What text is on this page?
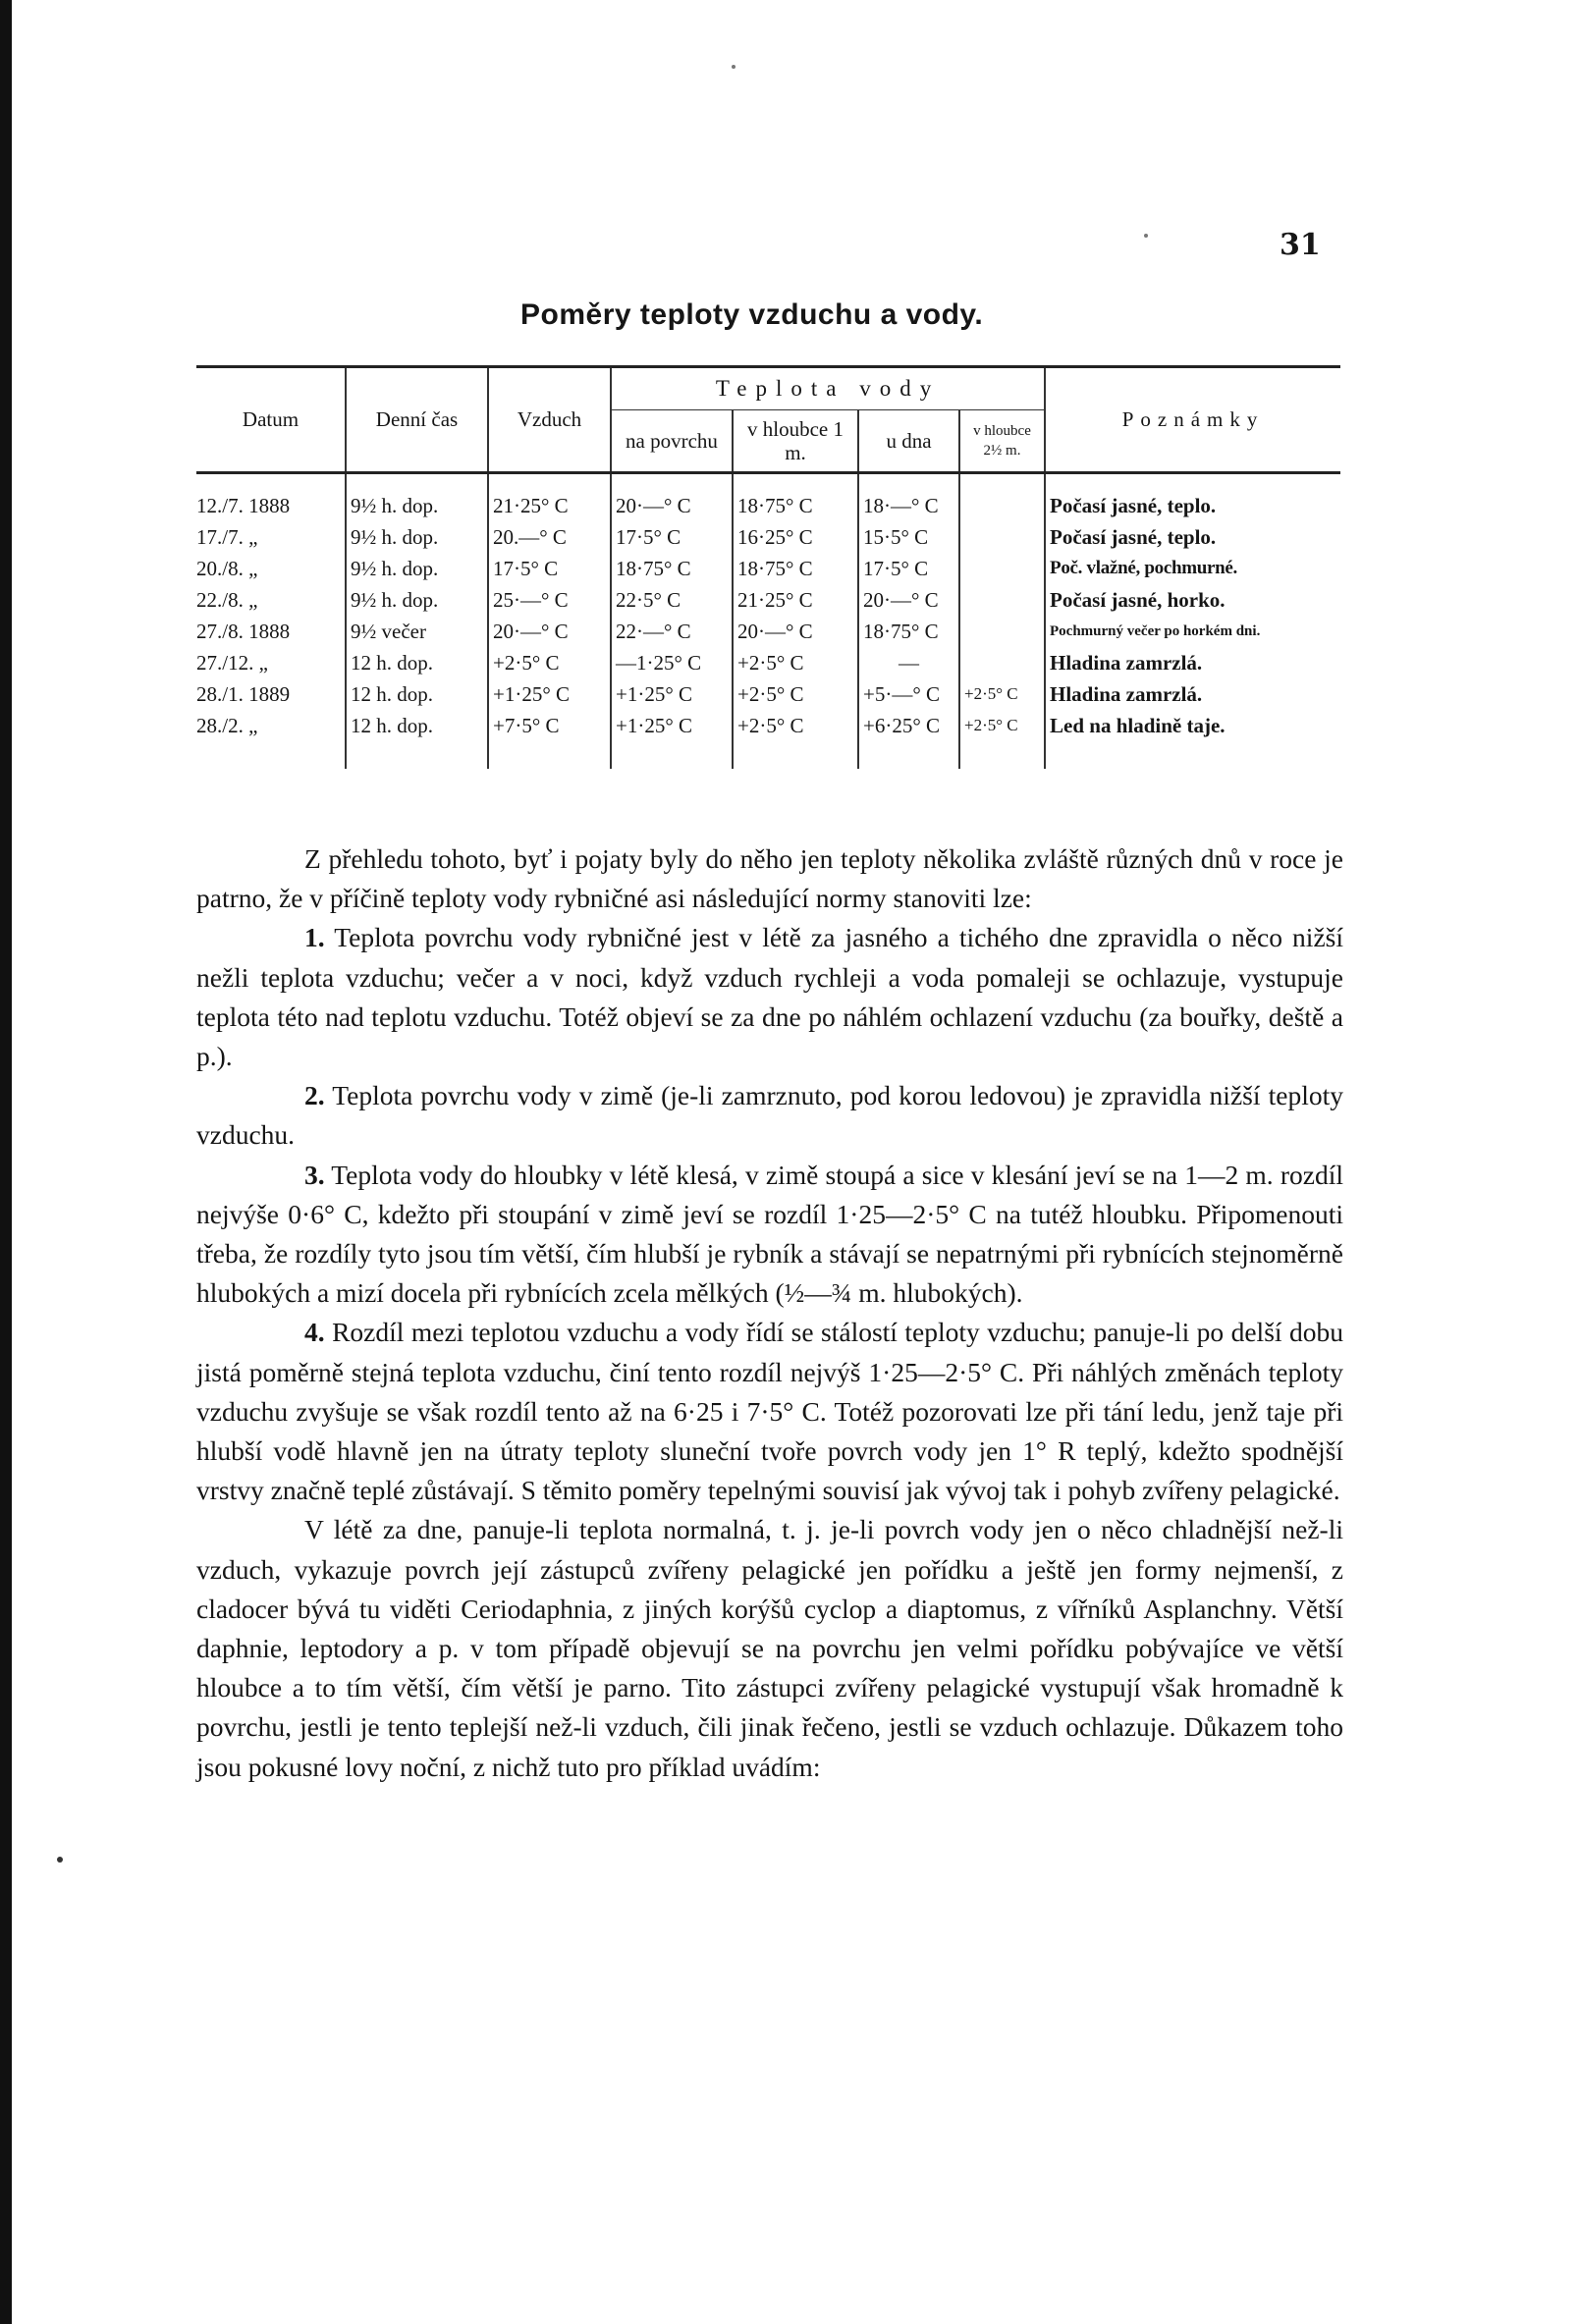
31
Poměry teploty vzduchu a vody.
Datum	Denní čas	Vzduch	Teplota vody				Poznámky
			na povrchu	v hloubce 1 m.	u dna	v hloubce 2½ m.	
12./7. 1888	9½ h. dop.	21·25° C	20·—° C	18·75° C	18·—° C		Počasí jasné, teplo.
17./7. „	9½ h. dop.	20.—° C	17·5° C	16·25° C	15·5° C		Počasí jasné, teplo.
20./8. „	9½ h. dop.	17·5° C	18·75° C	18·75° C	17·5° C		Poč. vlažné, pochmurné.
22./8. „	9½ h. dop.	25·—° C	22·5° C	21·25° C	20·—° C		Počasí jasné, horko.
27./8. 1888	9½ večer	20·—° C	22·—° C	20·—° C	18·75° C		Pochmurný večer po horkém dni.
27./12. „	12 h. dop.	+2·5° C	—1·25° C	+2·5° C	—		Hladina zamrzlá.
28./1. 1889	12 h. dop.	+1·25° C	+1·25° C	+2·5° C	+5·—° C	+2·5° C	Hladina zamrzlá.
28./2. „	12 h. dop.	+7·5° C	+1·25° C	+2·5° C	+6·25° C	+2·5° C	Led na hladině taje.

Z přehledu tohoto, byť i pojaty byly do něho jen teploty několika zvláště různých dnů v roce je patrno, že v příčině teploty vody rybničné asi následující normy stanoviti lze:

1. Teplota povrchu vody rybničné jest v létě za jasného a tichého dne zpravidla o něco nižší nežli teplota vzduchu; večer a v noci, když vzduch rychleji a voda pomaleji se ochlazuje, vystupuje teplota této nad teplotu vzduchu. Totéž objeví se za dne po náhlém ochlazení vzduchu (za bouřky, deště a p.).

2. Teplota povrchu vody v zimě (je-li zamrznuto, pod korou ledovou) je zpravidla nižší teploty vzduchu.

3. Teplota vody do hloubky v létě klesá, v zimě stoupá a sice v klesání jeví se na 1—2 m. rozdíl nejvýše 0·6° C, kdežto při stoupání v zimě jeví se rozdíl 1·25—2·5° C na tutéž hloubku. Připomenouti třeba, že rozdíly tyto jsou tím větší, čím hlubší je rybník a stávají se nepatrnými při rybnících stejnoměrně hlubokých a mizí docela při rybnících zcela mělkých (½—¾ m. hlubokých).

4. Rozdíl mezi teplotou vzduchu a vody řídí se stálostí teploty vzduchu; panuje-li po delší dobu jistá poměrně stejná teplota vzduchu, činí tento rozdíl nejvýš 1·25—2·5° C. Při náhlých změnách teploty vzduchu zvyšuje se však rozdíl tento až na 6·25 i 7·5° C. Totéž pozorovati lze při tání ledu, jenž taje při hlubší vodě hlavně jen na útraty teploty sluneční tvoře povrch vody jen 1° R teplý, kdežto spodnější vrstvy značně teplé zůstávají. S těmito poměry tepelnými souvisí jak vývoj tak i pohyb zvířeny pelagické.

V létě za dne, panuje-li teplota normalná, t. j. je-li povrch vody jen o něco chladnější než-li vzduch, vykazuje povrch její zástupců zvířeny pelagické jen pořídku a ještě jen formy nejmenší, z cladocer bývá tu viděti Ceriodaphnia, z jiných korýšů cyclop a diaptomus, z vířníků Asplanchny. Větší daphnie, leptodory a p. v tom případě objevují se na povrchu jen velmi pořídku pobývajíce ve větší hloubce a to tím větší, čím větší je parno. Tito zástupci zvířeny pelagické vystupují však hromadně k povrchu, jestli je tento teplejší než-li vzduch, čili jinak řečeno, jestli se vzduch ochlazuje. Důkazem toho jsou pokusné lovy noční, z nichž tuto pro příklad uvádím:
